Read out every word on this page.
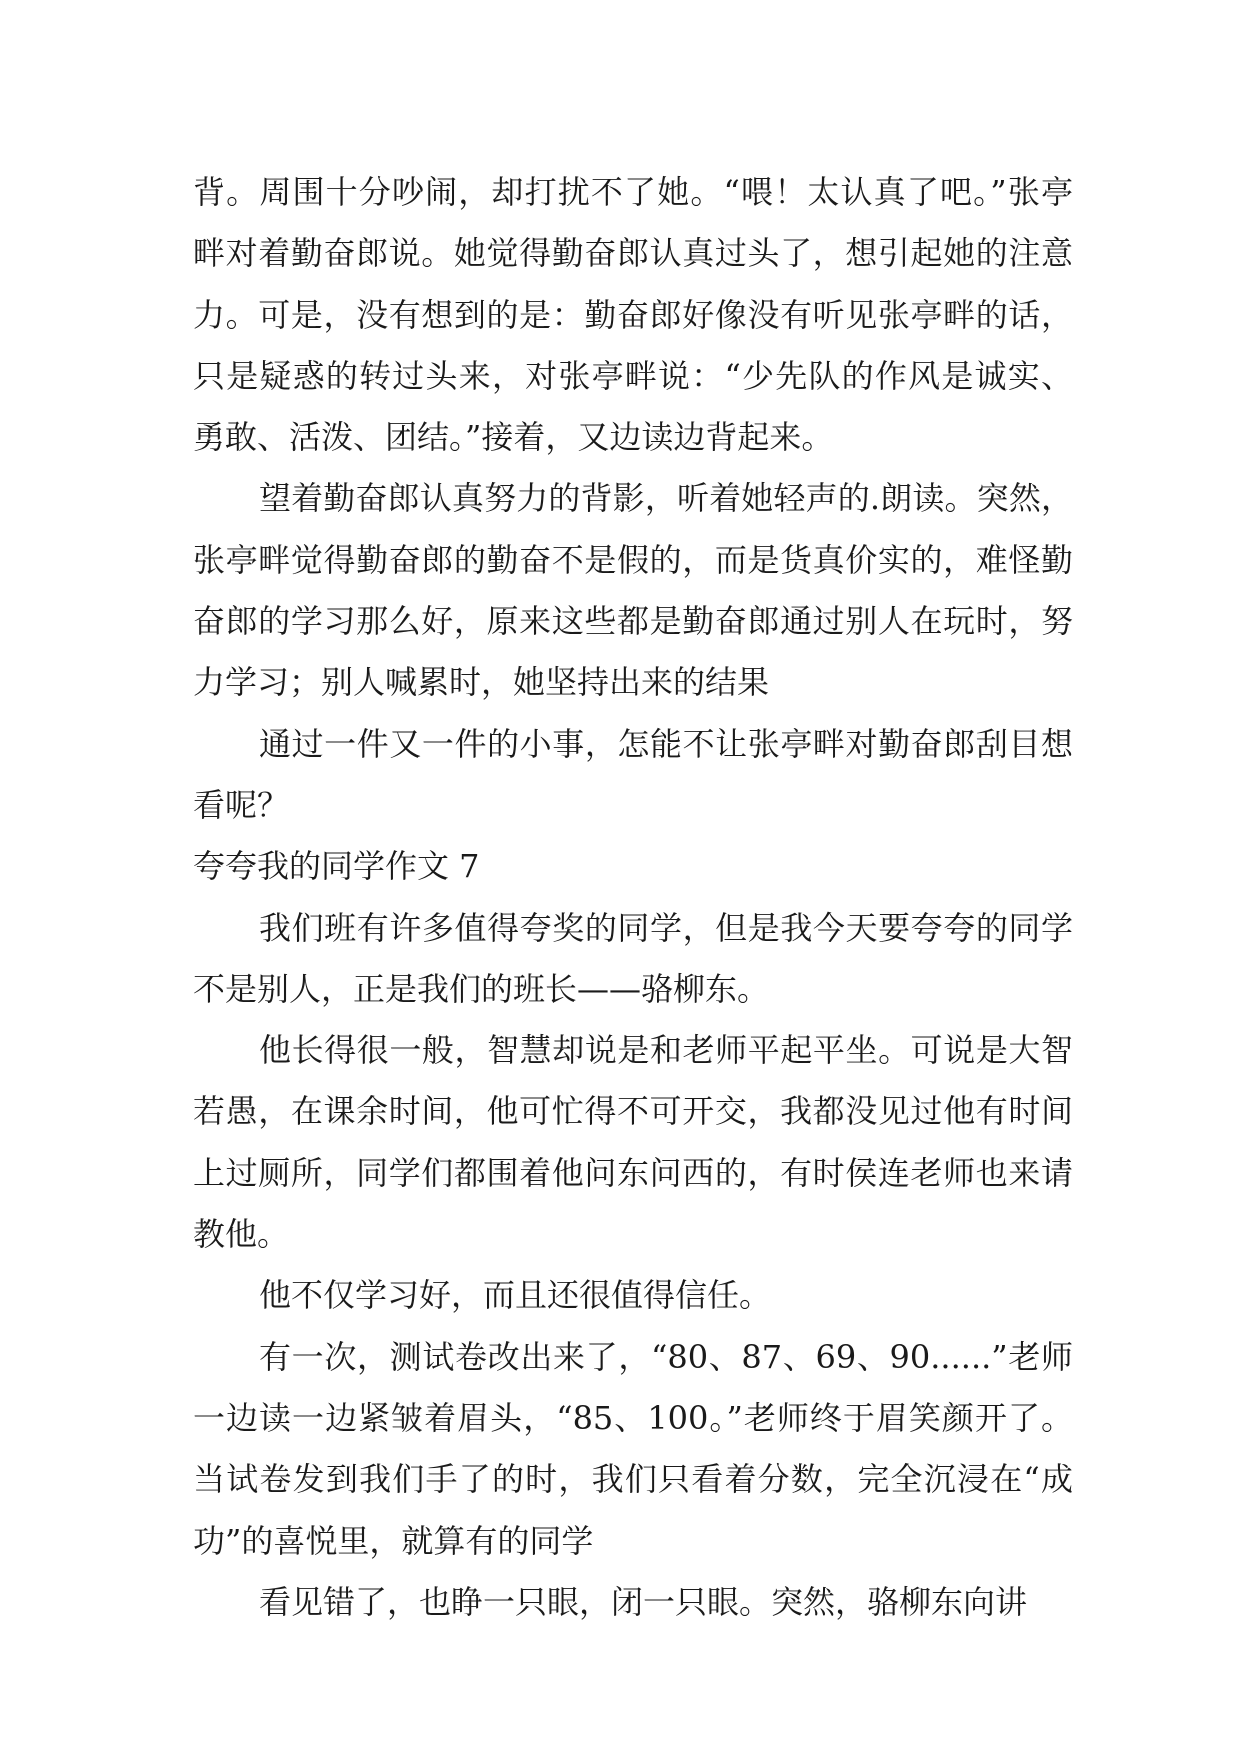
背。周围十分吵闹，却打扰不了她。“喂！太认真了吧。”张亭畔对着勤奋郎说。她觉得勤奋郎认真过头了，想引起她的注意力。可是，没有想到的是：勤奋郎好像没有听见张亭畔的话，只是疑惑的转过头来，对张亭畔说：“少先队的作风是诚实、勇敢、活泼、团结。”接着，又边读边背起来。

望着勤奋郎认真努力的背影，听着她轻声的.朗读。突然，张亭畔觉得勤奋郎的勤奋不是假的，而是货真价实的，难怪勤奋郎的学习那么好，原来这些都是勤奋郎通过别人在玩时，努力学习；别人喊累时，她坚持出来的结果

通过一件又一件的小事，怎能不让张亭畔对勤奋郎刮目想看呢？

夸夸我的同学作文 7

我们班有许多值得夸奖的同学，但是我今天要夸夸的同学不是别人，正是我们的班长——骆柳东。

他长得很一般，智慧却说是和老师平起平坐。可说是大智若愚，在课余时间，他可忙得不可开交，我都没见过他有时间上过厕所，同学们都围着他问东问西的，有时侯连老师也来请教他。

他不仅学习好，而且还很值得信任。

有一次，测试卷改出来了，“80、87、69、90......”老师一边读一边紧皱着眉头，“85、100。”老师终于眉笑颜开了。当试卷发到我们手了的时，我们只看着分数，完全沉浸在“成功”的喜悦里，就算有的同学

看见错了，也睁一只眼，闭一只眼。突然，骆柳东向讲
